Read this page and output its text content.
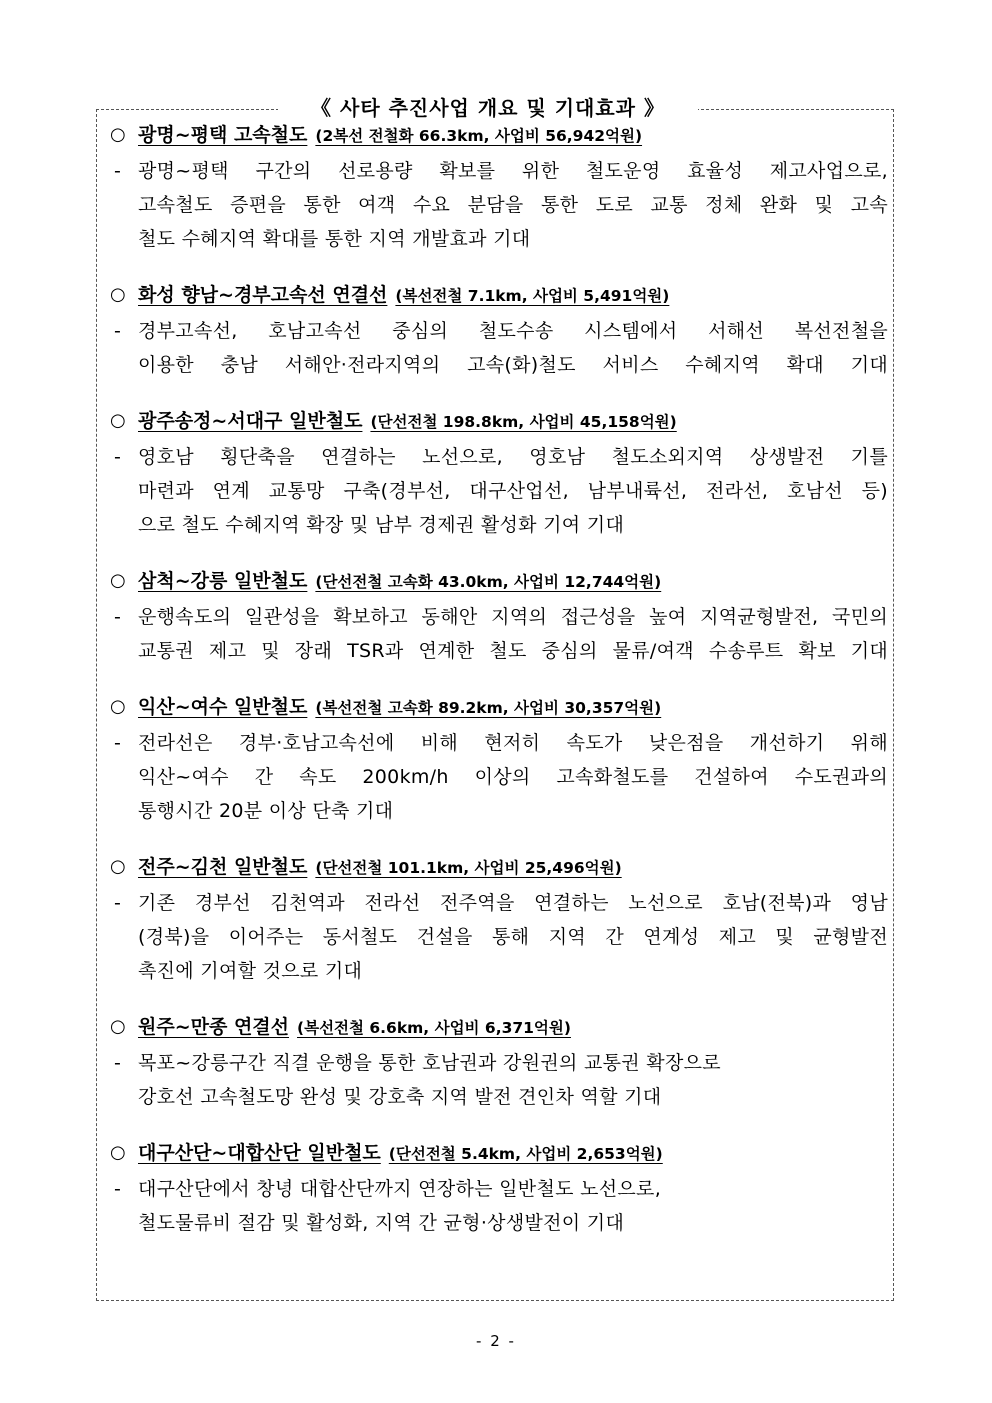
《 사타 추진사업 개요 및 기대효과 》
○ 광명~평택 고속철도 (2복선 전철화 66.3km, 사업비 56,942억원)
- 광명~평택 구간의 선로용량 확보를 위한 철도운영 효율성 제고사업으로,
고속철도 증편을 통한 여객 수요 분담을 통한 도로 교통 정체 완화 및 고속
철도 수혜지역 확대를 통한 지역 개발효과 기대
○ 화성 향남~경부고속선 연결선 (복선전철 7.1km, 사업비 5,491억원)
- 경부고속선, 호남고속선 중심의 철도수송 시스템에서 서해선 복선전철을
이용한 충남 서해안·전라지역의 고속(화)철도 서비스 수혜지역 확대 기대
○ 광주송정~서대구 일반철도 (단선전철 198.8km, 사업비 45,158억원)
- 영호남 횡단축을 연결하는 노선으로, 영호남 철도소외지역 상생발전 기틀
마련과 연계 교통망 구축(경부선, 대구산업선, 남부내륙선, 전라선, 호남선 등)
으로 철도 수혜지역 확장 및 남부 경제권 활성화 기여 기대
○ 삼척~강릉 일반철도 (단선전철 고속화 43.0km, 사업비 12,744억원)
- 운행속도의 일관성을 확보하고 동해안 지역의 접근성을 높여 지역균형발전, 국민의
교통권 제고 및 장래 TSR과 연계한 철도 중심의 물류/여객 수송루트 확보 기대
○ 익산~여수 일반철도 (복선전철 고속화 89.2km, 사업비 30,357억원)
- 전라선은 경부·호남고속선에 비해 현저히 속도가 낮은점을 개선하기 위해
익산~여수 간 속도 200km/h 이상의 고속화철도를 건설하여 수도권과의
통행시간 20분 이상 단축 기대
○ 전주~김천 일반철도 (단선전철 101.1km, 사업비 25,496억원)
- 기존 경부선 김천역과 전라선 전주역을 연결하는 노선으로 호남(전북)과 영남
(경북)을 이어주는 동서철도 건설을 통해 지역 간 연계성 제고 및 균형발전
촉진에 기여할 것으로 기대
○ 원주~만종 연결선 (복선전철 6.6km, 사업비 6,371억원)
- 목포~강릉구간 직결 운행을 통한 호남권과 강원권의 교통권 확장으로
강호선 고속철도망 완성 및 강호축 지역 발전 견인차 역할 기대
○ 대구산단~대합산단 일반철도 (단선전철 5.4km, 사업비 2,653억원)
- 대구산단에서 창녕 대합산단까지 연장하는 일반철도 노선으로,
철도물류비 절감 및 활성화, 지역 간 균형·상생발전이 기대
- 2 -
